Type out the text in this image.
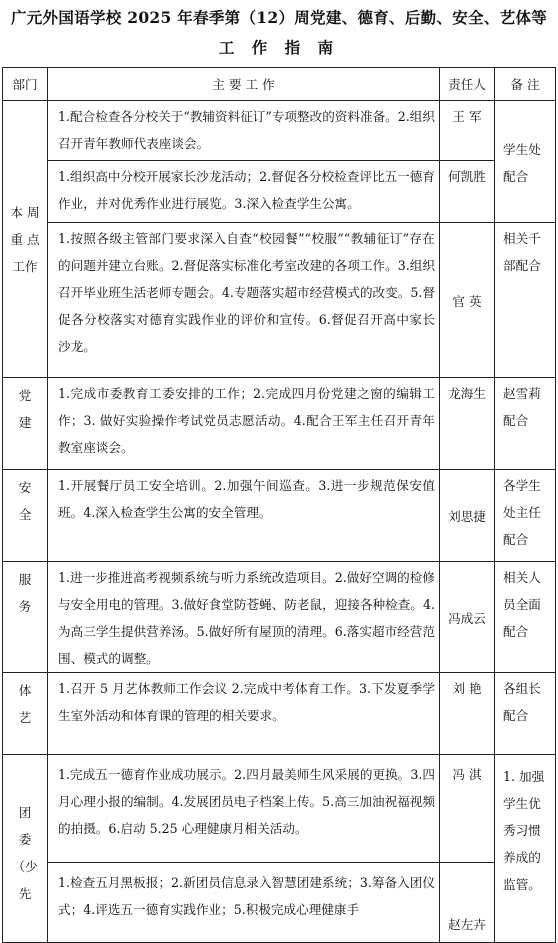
广元外国语学校 2025 年春季第（12）周党建、德育、后勤、安全、艺体等
工 作 指 南
部门	主 要 工 作	责任人	备 注

本 周
重 点
工作	1.配合检查各分校关于“教辅资料征订”专项整改的资料准备。2.组织召开青年教师代表座谈会。	王 军	学生处
配合

	1.组织高中分校开展家长沙龙活动；2.督促各分校检查评比五一德育作业，并对优秀作业进行展览。3.深入检查学生公寓。	何凯胜	
	1.按照各级主管部门要求深入自查“校园餐”“校服”“教辅征订”存在的问题并建立台账。2.督促落实标准化考室改建的各项工作。3.组织召开毕业班生活老师专题会。4.专题落实超市经营模式的改变。5.督促各分校落实对德育实践作业的评价和宣传。6.督促召开高中家长沙龙。	官 英	相关千
部配合

党
建	1.完成市委教育工委安排的工作；2.完成四月份党建之窗的编辑工作；3. 做好实验操作考试党员志愿活动。4.配合王军主任召开青年教室座谈会。	龙海生	赵雪莉
配合

安
全	1.开展餐厅员工安全培训。2.加强午间巡查。3.进一步规范保安值班。4.深入检查学生公寓的安全管理。	刘思捷	各学生
处主任
配合

服
务	1.进一步推进高考视频系统与听力系统改造项目。2.做好空调的检修与安全用电的管理。3.做好食堂防苍蝇、防老鼠，迎接各种检查。4.为高三学生提供营养汤。5.做好所有屋顶的清理。6.落实超市经营范围、模式的调整。	冯成云	相关人
员全面
配合

体
艺	1.召开 5 月艺体教师工作会议 2.完成中考体育工作。3.下发夏季学生室外活动和体育课的管理的相关要求。	刘 艳	各组长
配合

团
委
（少
先	1.完成五一德育作业成功展示。2.四月最美师生风采展的更换。3.四月心理小报的编制。4.发展团员电子档案上传。5.高三加油祝福视频的拍摄。6.启动 5.25 心理健康月相关活动。	冯 淇	1. 加强
学生优
秀习惯
养成的
监管。

	1.检查五月黑板报；2.新团员信息录入智慧团建系统；3.筹备入团仪式；4.评选五一德育实践作业；5.积极完成心理健康手	赵左卉	
